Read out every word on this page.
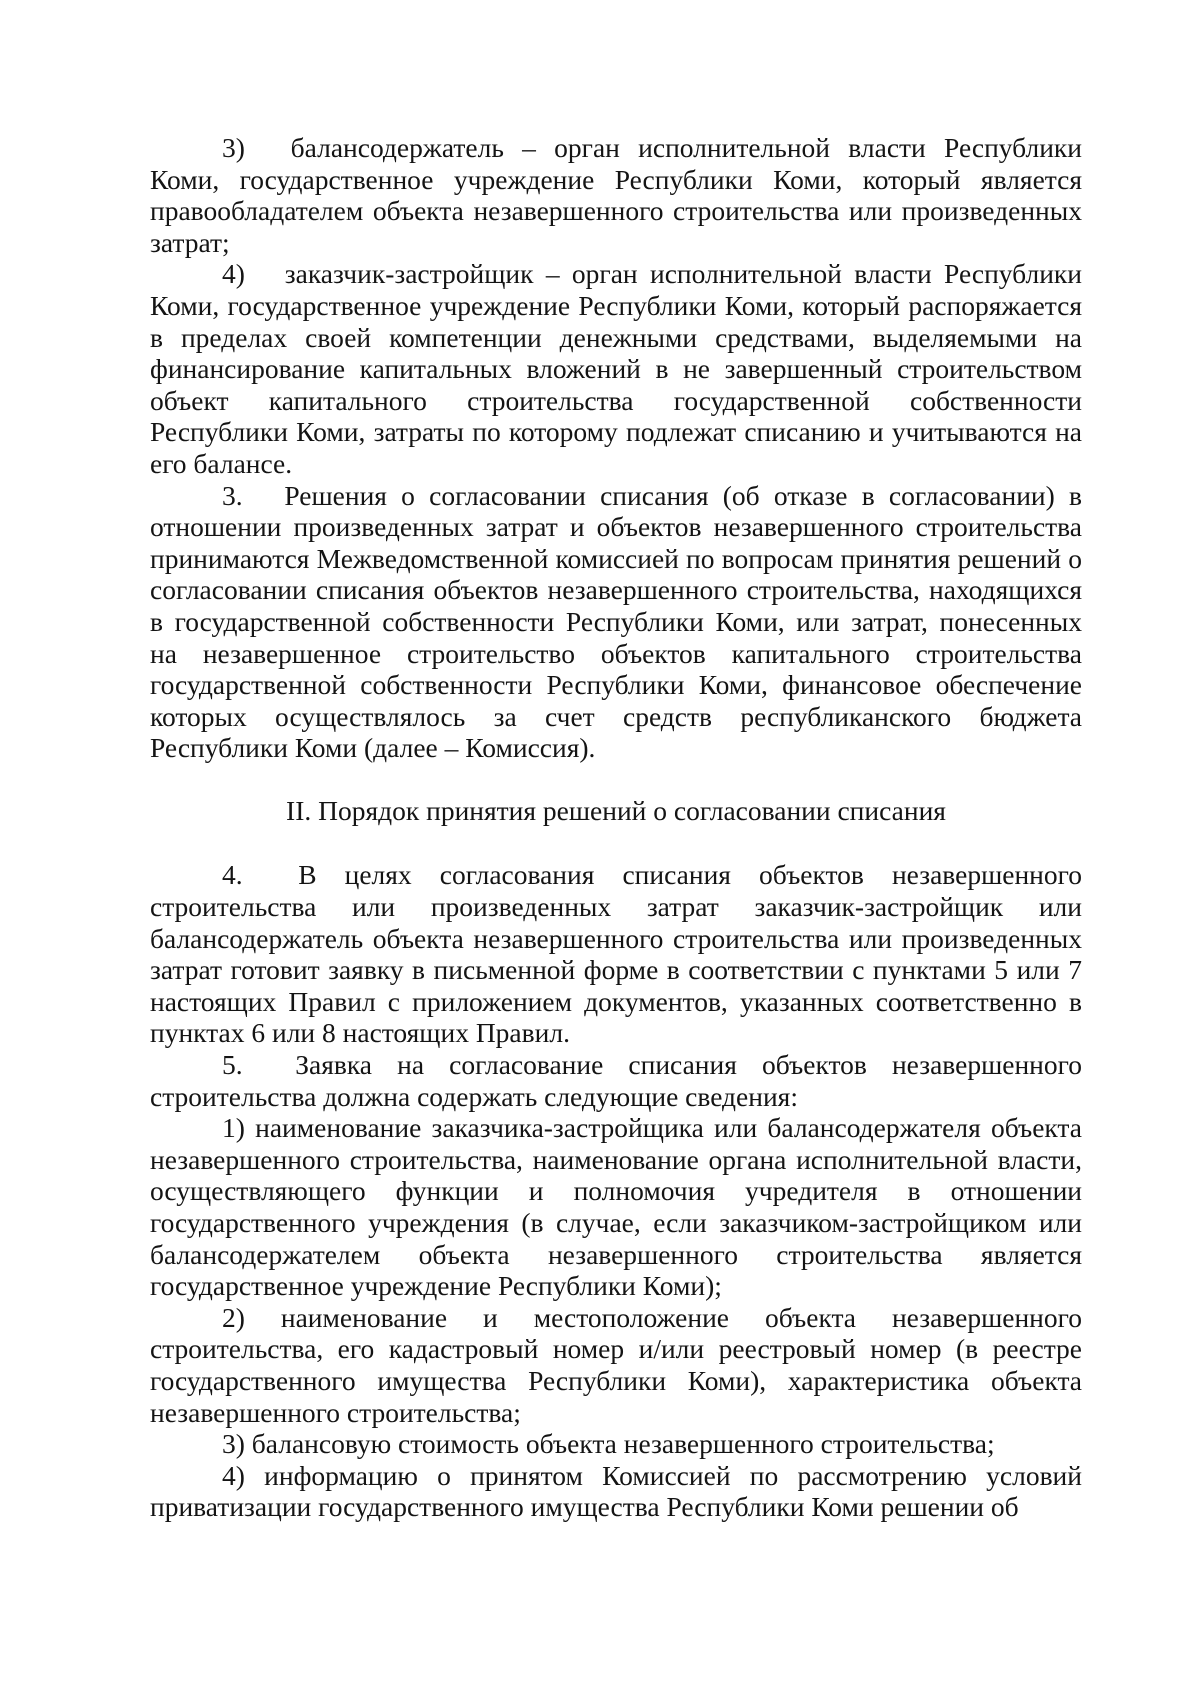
3)  балансодержатель – орган исполнительной власти Республики Коми, государственное учреждение Республики Коми, который является правообладателем объекта незавершенного строительства или произведенных затрат;

4)  заказчик-застройщик – орган исполнительной власти Республики Коми, государственное учреждение Республики Коми, который распоряжается в пределах своей компетенции денежными средствами, выделяемыми на финансирование капитальных вложений в не завершенный строительством объект капитального строительства государственной собственности Республики Коми, затраты по которому подлежат списанию и учитываются на его балансе.

3.  Решения о согласовании списания (об отказе в согласовании) в отношении произведенных затрат и объектов незавершенного строительства принимаются Межведомственной комиссией по вопросам принятия решений о согласовании списания объектов незавершенного строительства, находящихся в государственной собственности Республики Коми, или затрат, понесенных на незавершенное строительство объектов капитального строительства государственной собственности Республики Коми, финансовое обеспечение которых осуществлялось за счет средств республиканского бюджета Республики Коми (далее – Комиссия).

II. Порядок принятия решений о согласовании списания

4.  В целях согласования списания объектов незавершенного строительства или произведенных затрат заказчик-застройщик или балансодержатель объекта незавершенного строительства или произведенных затрат готовит заявку в письменной форме в соответствии с пунктами 5 или 7 настоящих Правил с приложением документов, указанных соответственно в пунктах 6 или 8 настоящих Правил.

5.  Заявка на согласование списания объектов незавершенного строительства должна содержать следующие сведения:

1) наименование заказчика-застройщика или балансодержателя объекта незавершенного строительства, наименование органа исполнительной власти, осуществляющего функции и полномочия учредителя в отношении государственного учреждения (в случае, если заказчиком-застройщиком или балансодержателем объекта незавершенного строительства является государственное учреждение Республики Коми);

2) наименование и местоположение объекта незавершенного строительства, его кадастровый номер и/или реестровый номер (в реестре государственного имущества Республики Коми), характеристика объекта незавершенного строительства;

3) балансовую стоимость объекта незавершенного строительства;

4) информацию о принятом Комиссией по рассмотрению условий приватизации государственного имущества Республики Коми решении об
